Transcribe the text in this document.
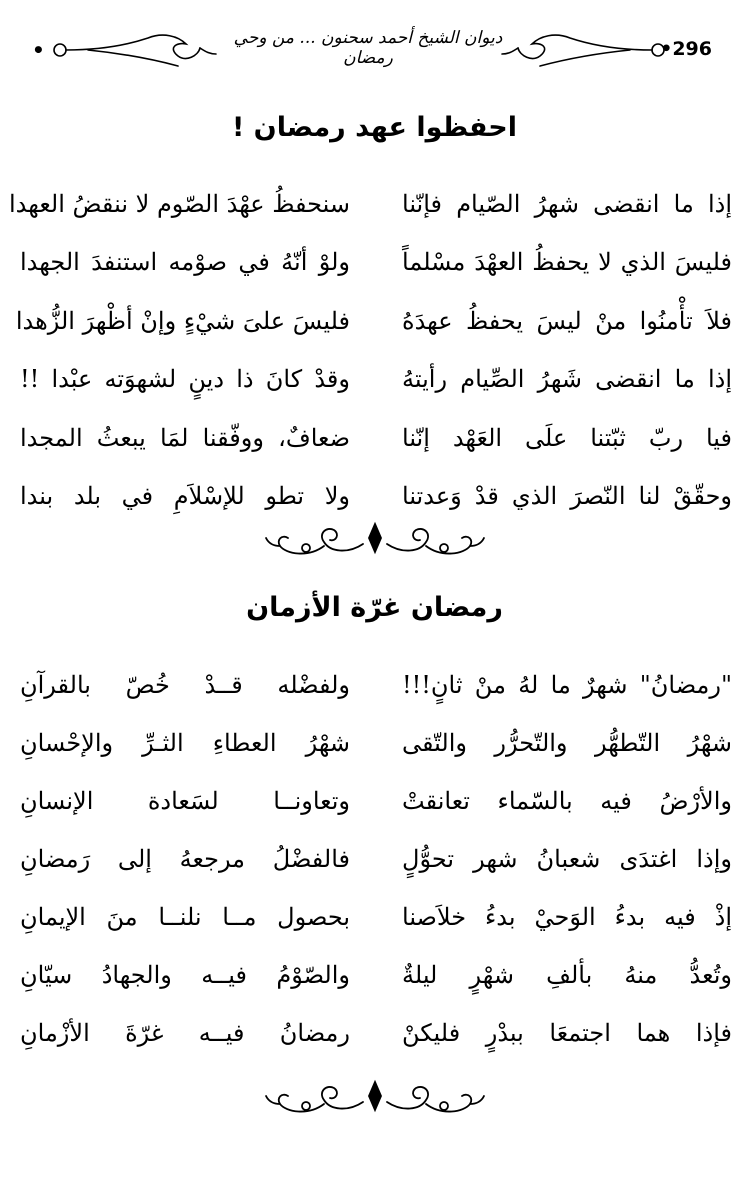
•296
ديوان الشيخ أحمد سحنون ... من وحي رمضان
•
احفظوا عهد رمضان !
إذا ما انقضى شهرُ الصّيام فإنّنا
سنحفظُ عهْدَ الصّوم لا ننقضُ العهدا
فليسَ الذي لا يحفظُ العهْدَ مسْلماً
ولوْ أنّهُ في صوْمه استنفدَ الجهدا
فلاَ تأْمنُوا منْ ليسَ يحفظُ عهدَهُ
فليسَ علىَ شيْءٍ وإنْ أظْهرَ الزُّهدا
إذا ما انقضى شَهرُ الصِّيام رأيتهُ
وقدْ كانَ ذا دينٍ لشهوَته عبْدا !!
فيا ربّ ثبّتنا علَى العَهْد إنّنا
ضعافٌ، ووفّقنا لمَا يبعثُ المجدا
وحقّقْ لنا النّصرَ الذي قدْ وَعدتنا
ولا تطو للإسْلاَمِ في بلد بندا
رمضان غرّة الأزمان
"رمضانُ" شهرٌ ما لهُ منْ ثانٍ!!!
ولفضْله قــدْ خُصّ بالقرآنِ
شهْرُ التّطهُّر والتّحرُّر والتّقى
شهْرُ العطاءِ الثـرِّ والإحْسانِ
والأرْضُ فيه بالسّماء تعانقتْ
وتعاونــا لسَعادة الإنسانِ
وإذا اغتدَى شعبانُ شهر تحوُّلٍ
فالفضْلُ مرجعهُ إلى رَمضانِ
إذْ فيه بدءُ الوَحيْ بدءُ خلاَصنا
بحصول مــا نلنــا منَ الإيمانِ
وتُعدُّ منهُ بألفِ شهْرٍ ليلةٌ
والصّوْمُ فيــه والجهادُ سيّانِ
فإذا هما اجتمعَا ببدْرٍ فليكنْ
رمضانُ فيــه غرّةَ الأزْمانِ
